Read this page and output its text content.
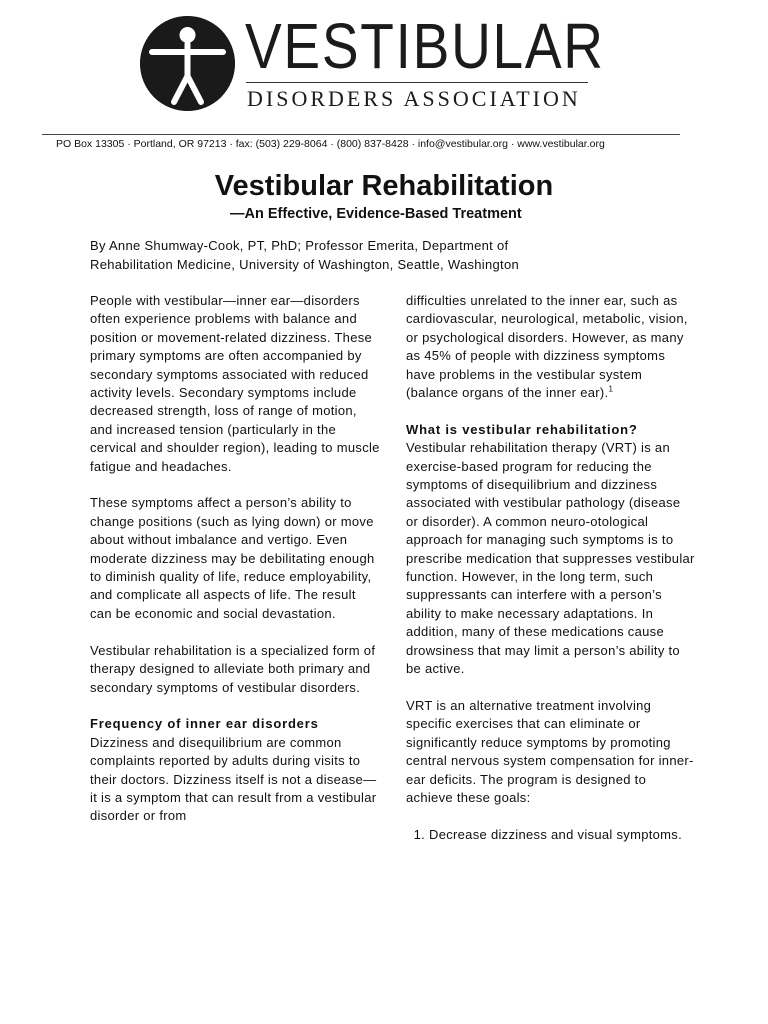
VESTIBULAR
DISORDERS ASSOCIATION
PO Box 13305 · Portland, OR 97213 · fax: (503) 229-8064 · (800) 837-8428 · info@vestibular.org · www.vestibular.org
Vestibular Rehabilitation
—An Effective, Evidence-Based Treatment
By Anne Shumway-Cook, PT, PhD; Professor Emerita, Department of Rehabilitation Medicine, University of Washington, Seattle, Washington

People with vestibular—inner ear—disorders often experience problems with balance and position or movement-related dizziness. These primary symptoms are often accompanied by secondary symptoms associated with reduced activity levels. Secondary symptoms include decreased strength, loss of range of motion, and increased tension (particularly in the cervical and shoulder region), leading to muscle fatigue and headaches.

These symptoms affect a person’s ability to change positions (such as lying down) or move about without imbalance and vertigo. Even moderate dizziness may be debilitating enough to diminish quality of life, reduce employability, and complicate all aspects of life. The result can be economic and social devastation.

Vestibular rehabilitation is a specialized form of therapy designed to alleviate both primary and secondary symptoms of vestibular disorders.

Frequency of inner ear disorders

Dizziness and disequilibrium are common complaints reported by adults during visits to their doctors. Dizziness itself is not a disease—it is a symptom that can result from a vestibular disorder or from

difficulties unrelated to the inner ear, such as cardiovascular, neurological, metabolic, vision, or psychological disorders. However, as many as 45% of people with dizziness symptoms have problems in the vestibular system (balance organs of the inner ear).$^1$

What is vestibular rehabilitation?

Vestibular rehabilitation therapy (VRT) is an exercise-based program for reducing the symptoms of disequilibrium and dizziness associated with vestibular pathology (disease or disorder). A common neuro-otological approach for managing such symptoms is to prescribe medication that suppresses vestibular function. However, in the long term, such suppressants can interfere with a person’s ability to make necessary adaptations. In addition, many of these medications cause drowsiness that may limit a person’s ability to be active.

VRT is an alternative treatment involving specific exercises that can eliminate or significantly reduce symptoms by promoting central nervous system compensation for inner-ear deficits. The program is designed to achieve these goals:

1. Decrease dizziness and visual symptoms.
